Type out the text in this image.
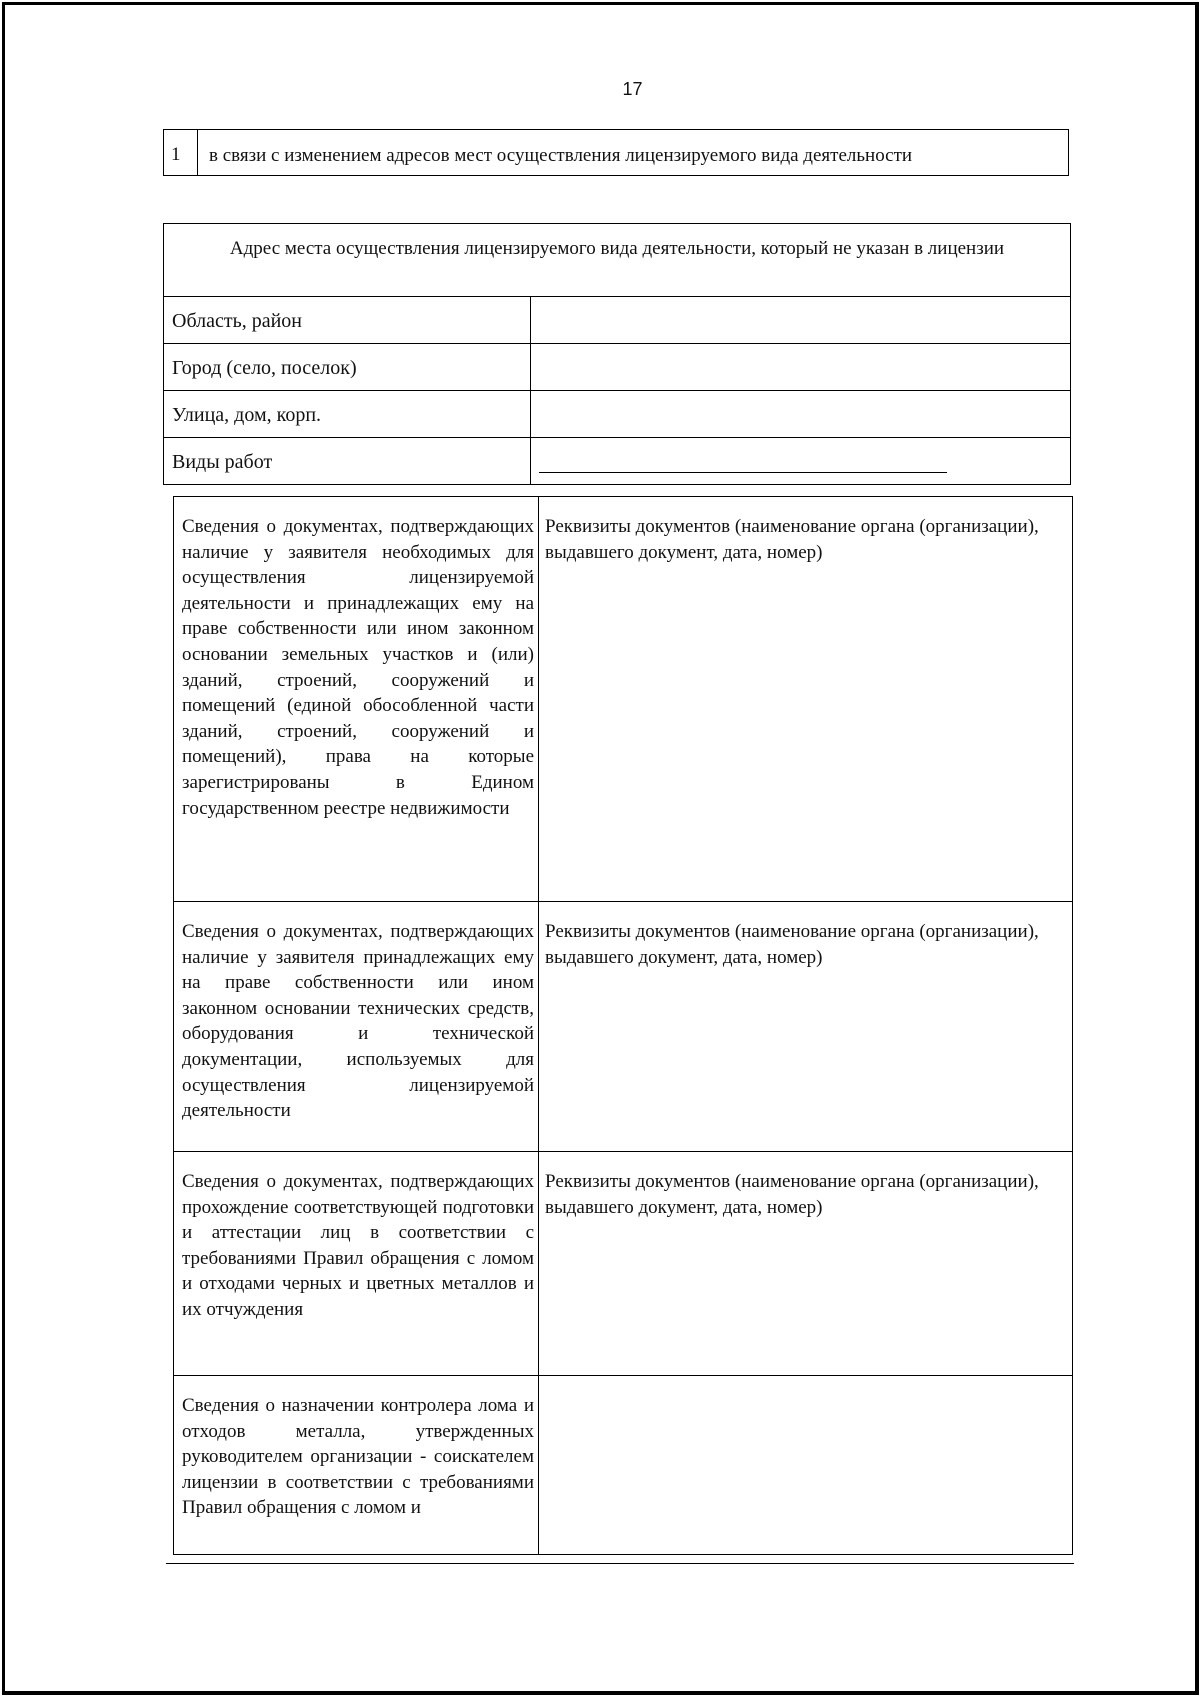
17
1	в связи с изменением адресов мест осуществления лицензируемого вида деятельности
Адрес места осуществления лицензируемого вида деятельности, который не указан в лицензии
Область, район
Город (село, поселок)
Улица, дом, корп.
Виды работ
Сведения о документах, подтверждающих наличие у заявителя необходимых для осуществления лицензируемой деятельности и принадлежащих ему на праве собственности или ином законном основании земельных участков и (или) зданий, строений, сооружений и помещений (единой обособленной части зданий, строений, сооружений и помещений), права на которые зарегистрированы в Едином государственном реестре недвижимости
Реквизиты документов (наименование органа (организации), выдавшего документ, дата, номер)
Сведения о документах, подтверждающих наличие у заявителя принадлежащих ему на праве собственности или ином законном основании технических средств, оборудования и технической документации, используемых для осуществления лицензируемой деятельности
Реквизиты документов (наименование органа (организации), выдавшего документ, дата, номер)
Сведения о документах, подтверждающих прохождение соответствующей подготовки и аттестации лиц в соответствии с требованиями Правил обращения с ломом и отходами черных и цветных металлов и их отчуждения
Реквизиты документов (наименование органа (организации), выдавшего документ, дата, номер)
Сведения о назначении контролера лома и отходов металла, утвержденных руководителем организации - соискателем лицензии в соответствии с требованиями Правил обращения с ломом и
